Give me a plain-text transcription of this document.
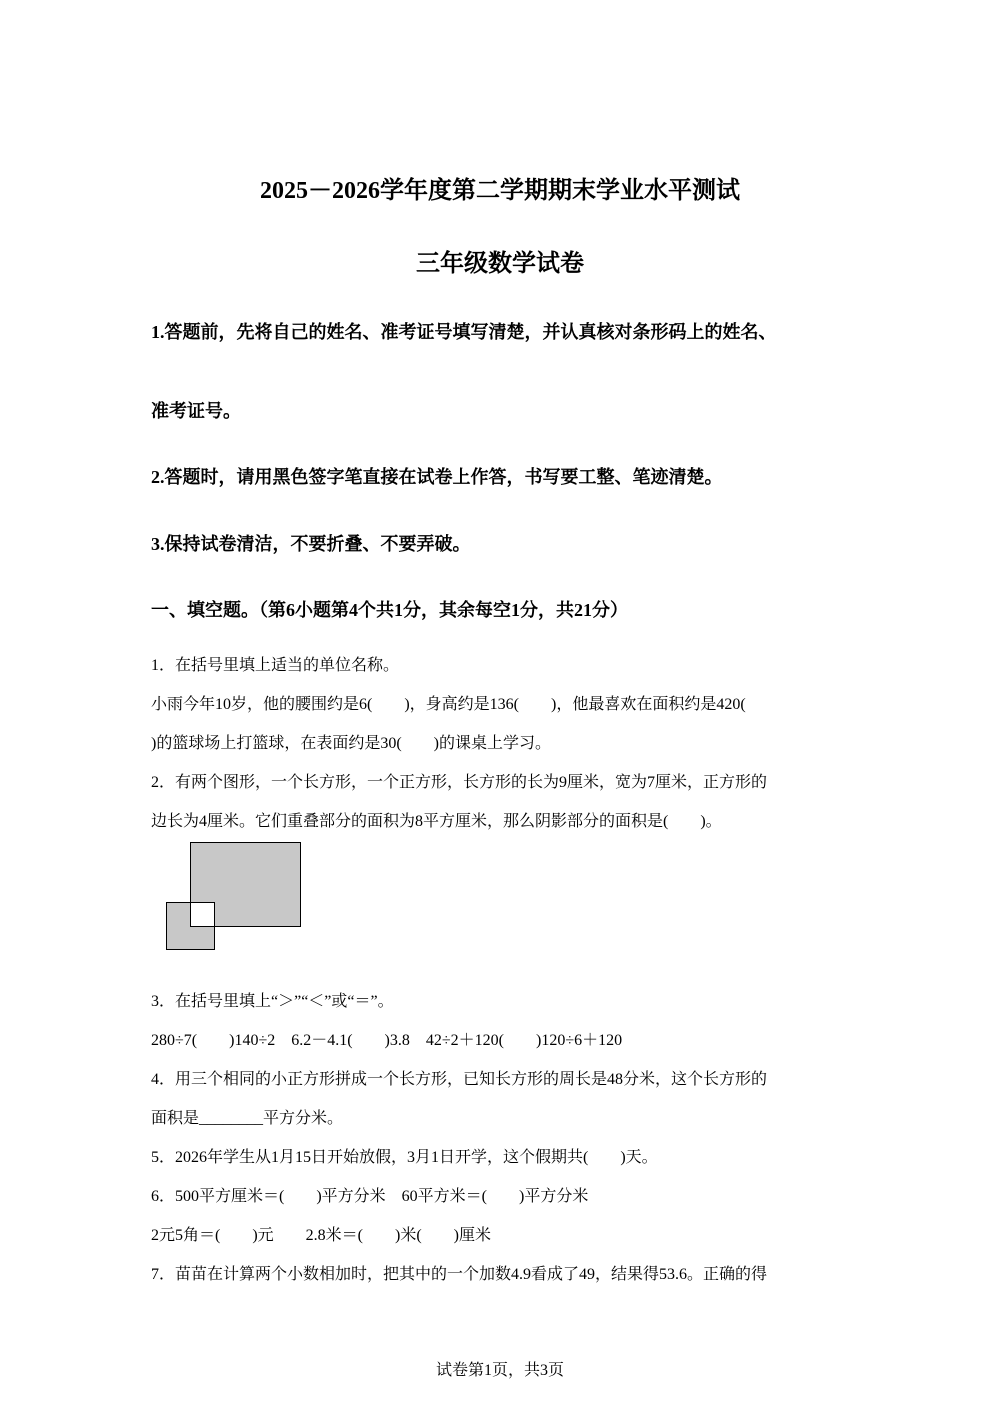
2025－2026学年度第二学期期末学业水平测试

三年级数学试卷

1.答题前，先将自己的姓名、准考证号填写清楚，并认真核对条形码上的姓名、

准考证号。

2.答题时，请用黑色签字笔直接在试卷上作答，书写要工整、笔迹清楚。

3.保持试卷清洁，不要折叠、不要弄破。

一、填空题。（第6小题第4个共1分，其余每空1分，共21分）

1．在括号里填上适当的单位名称。

小雨今年10岁，他的腰围约是6(　　)，身高约是136(　　)，他最喜欢在面积约是420(

)的篮球场上打篮球，在表面约是30(　　)的课桌上学习。

2．有两个图形，一个长方形，一个正方形，长方形的长为9厘米，宽为7厘米，正方形的

边长为4厘米。它们重叠部分的面积为8平方厘米，那么阴影部分的面积是(　　)。

3．在括号里填上“＞”“＜”或“＝”。

280÷7(　　)140÷2　6.2－4.1(　　)3.8　42÷2＋120(　　)120÷6＋120

4．用三个相同的小正方形拼成一个长方形，已知长方形的周长是48分米，这个长方形的

面积是________平方分米。

5．2026年学生从1月15日开始放假，3月1日开学，这个假期共(　　)天。

6．500平方厘米＝(　　)平方分米　60平方米＝(　　)平方分米

2元5角＝(　　)元　　2.8米＝(　　)米(　　)厘米

7．苗苗在计算两个小数相加时，把其中的一个加数4.9看成了49，结果得53.6。正确的得

试卷第1页，共3页
